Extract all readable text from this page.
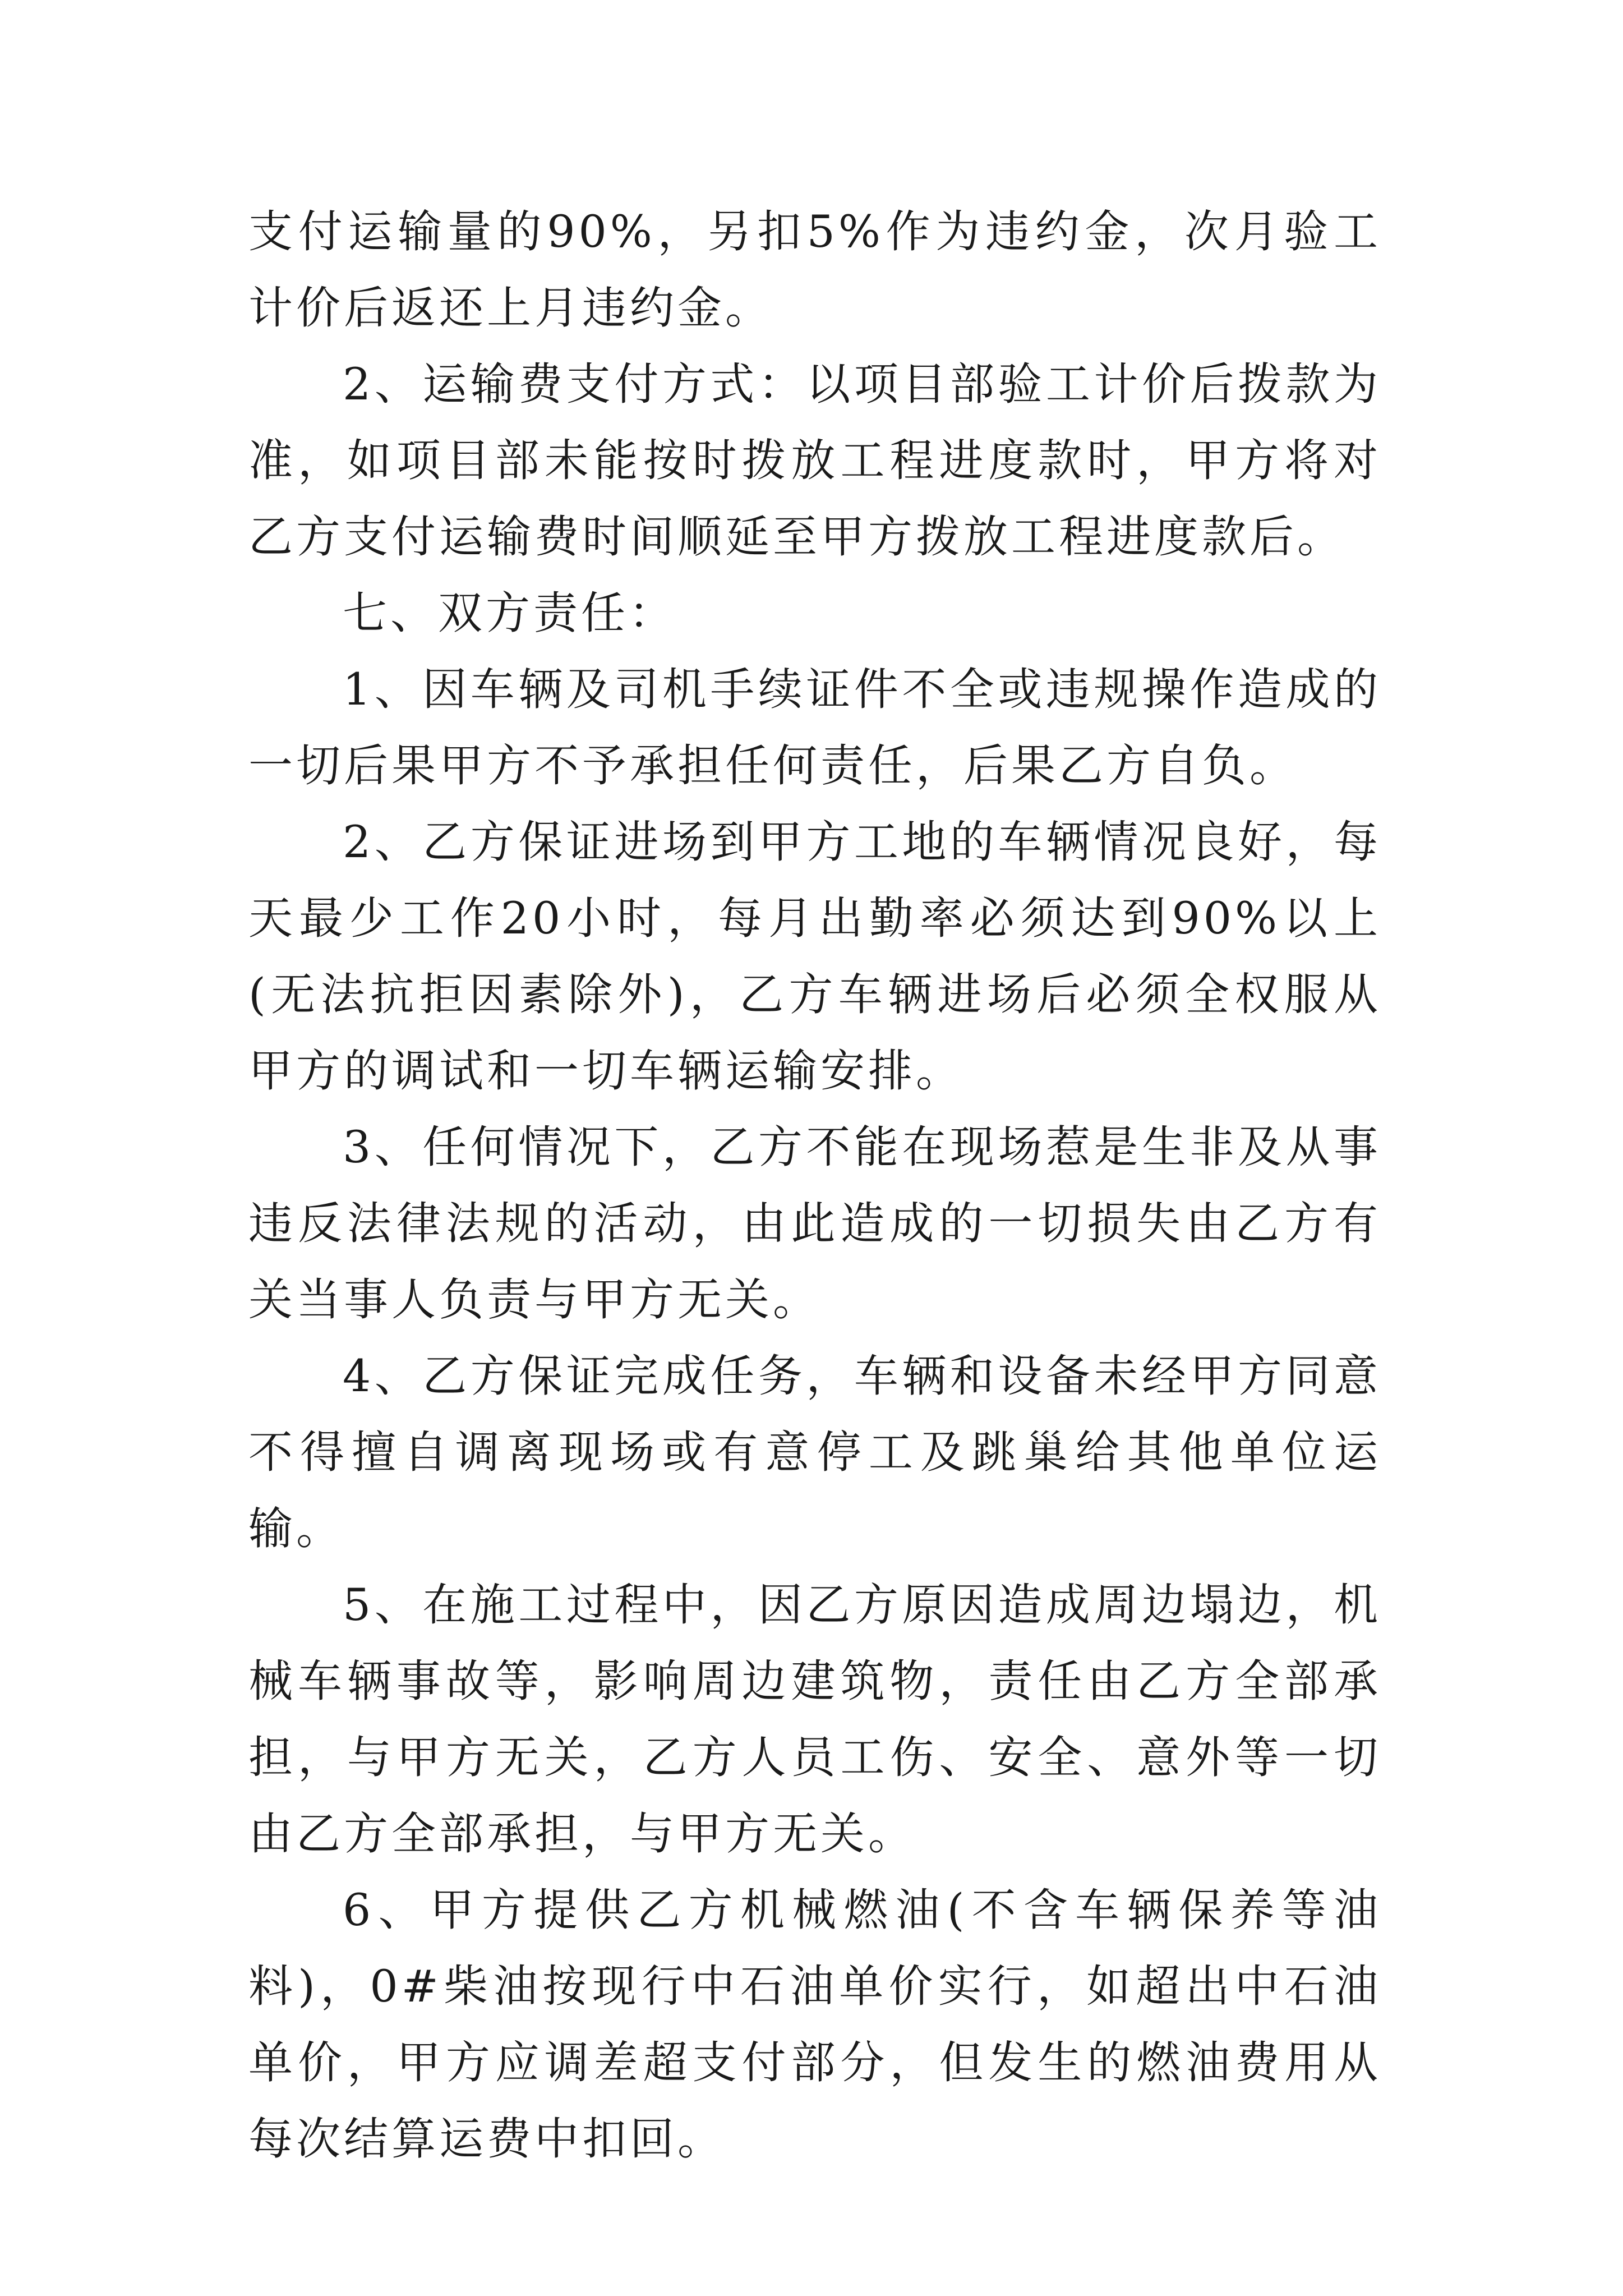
支付运输量的90%，另扣5%作为违约金，次月验工计价后返还上月违约金。

2、运输费支付方式：以项目部验工计价后拨款为准，如项目部未能按时拨放工程进度款时，甲方将对乙方支付运输费时间顺延至甲方拨放工程进度款后。

七、双方责任：

1、因车辆及司机手续证件不全或违规操作造成的一切后果甲方不予承担任何责任，后果乙方自负。

2、乙方保证进场到甲方工地的车辆情况良好，每天最少工作20小时，每月出勤率必须达到90%以上(无法抗拒因素除外)，乙方车辆进场后必须全权服从甲方的调试和一切车辆运输安排。

3、任何情况下，乙方不能在现场惹是生非及从事违反法律法规的活动，由此造成的一切损失由乙方有关当事人负责与甲方无关。

4、乙方保证完成任务，车辆和设备未经甲方同意不得擅自调离现场或有意停工及跳巢给其他单位运输。

5、在施工过程中，因乙方原因造成周边塌边，机械车辆事故等，影响周边建筑物，责任由乙方全部承担，与甲方无关，乙方人员工伤、安全、意外等一切由乙方全部承担，与甲方无关。

6、甲方提供乙方机械燃油(不含车辆保养等油料)，0#柴油按现行中石油单价实行，如超出中石油单价，甲方应调差超支付部分，但发生的燃油费用从每次结算运费中扣回。
